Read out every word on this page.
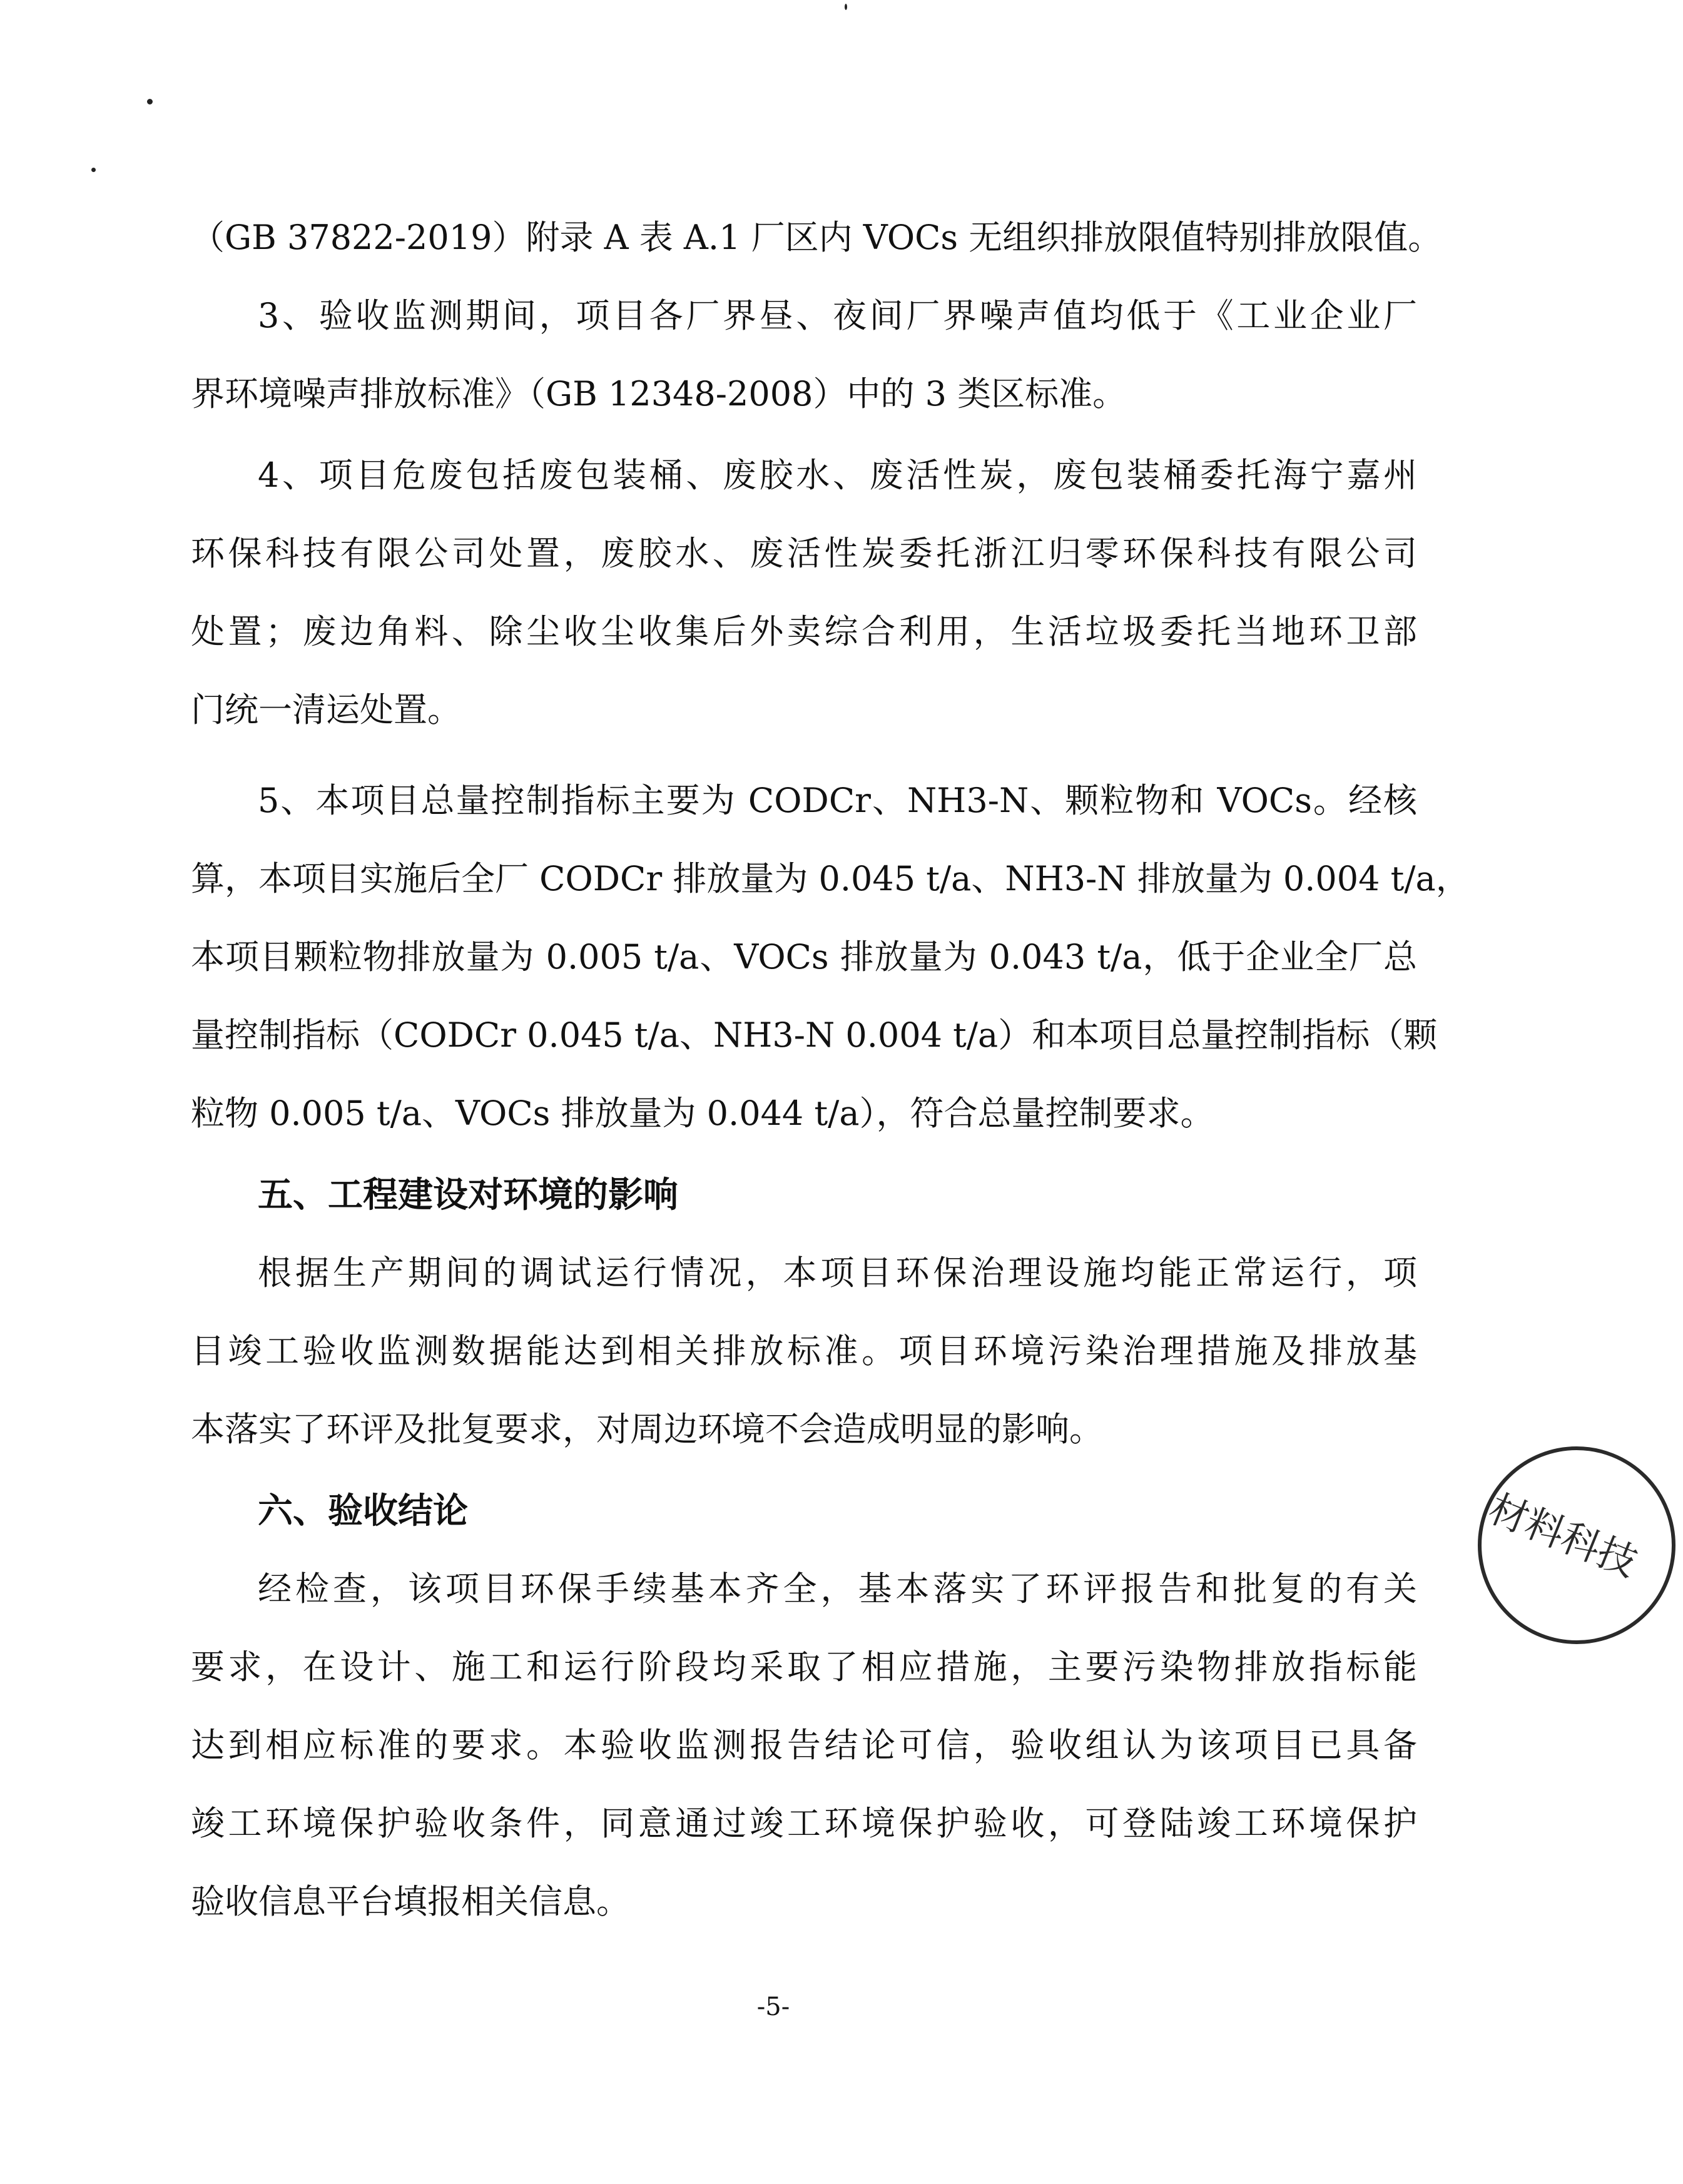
（GB 37822-2019）附录 A 表 A.1 厂区内 VOCs 无组织排放限值特别排放限值。
3、验收监测期间，项目各厂界昼、夜间厂界噪声值均低于《工业企业厂
界环境噪声排放标准》（GB 12348-2008）中的 3 类区标准。
4、项目危废包括废包装桶、废胶水、废活性炭，废包装桶委托海宁嘉州
环保科技有限公司处置，废胶水、废活性炭委托浙江归零环保科技有限公司
处置；废边角料、除尘收尘收集后外卖综合利用，生活垃圾委托当地环卫部
门统一清运处置。
5、本项目总量控制指标主要为 CODCr、NH3-N、颗粒物和 VOCs。经核
算，本项目实施后全厂 CODCr 排放量为 0.045 t/a、NH3-N 排放量为 0.004 t/a，
本项目颗粒物排放量为 0.005 t/a、VOCs 排放量为 0.043 t/a，低于企业全厂总
量控制指标（CODCr 0.045 t/a、NH3-N 0.004 t/a）和本项目总量控制指标（颗
粒物 0.005 t/a、VOCs 排放量为 0.044 t/a），符合总量控制要求。
五、工程建设对环境的影响
根据生产期间的调试运行情况，本项目环保治理设施均能正常运行，项
目竣工验收监测数据能达到相关排放标准。项目环境污染治理措施及排放基
本落实了环评及批复要求，对周边环境不会造成明显的影响。
六、验收结论
经检查，该项目环保手续基本齐全，基本落实了环评报告和批复的有关
要求，在设计、施工和运行阶段均采取了相应措施，主要污染物排放指标能
达到相应标准的要求。本验收监测报告结论可信，验收组认为该项目已具备
竣工环境保护验收条件，同意通过竣工环境保护验收，可登陆竣工环境保护
验收信息平台填报相关信息。
-5-
材料科技
